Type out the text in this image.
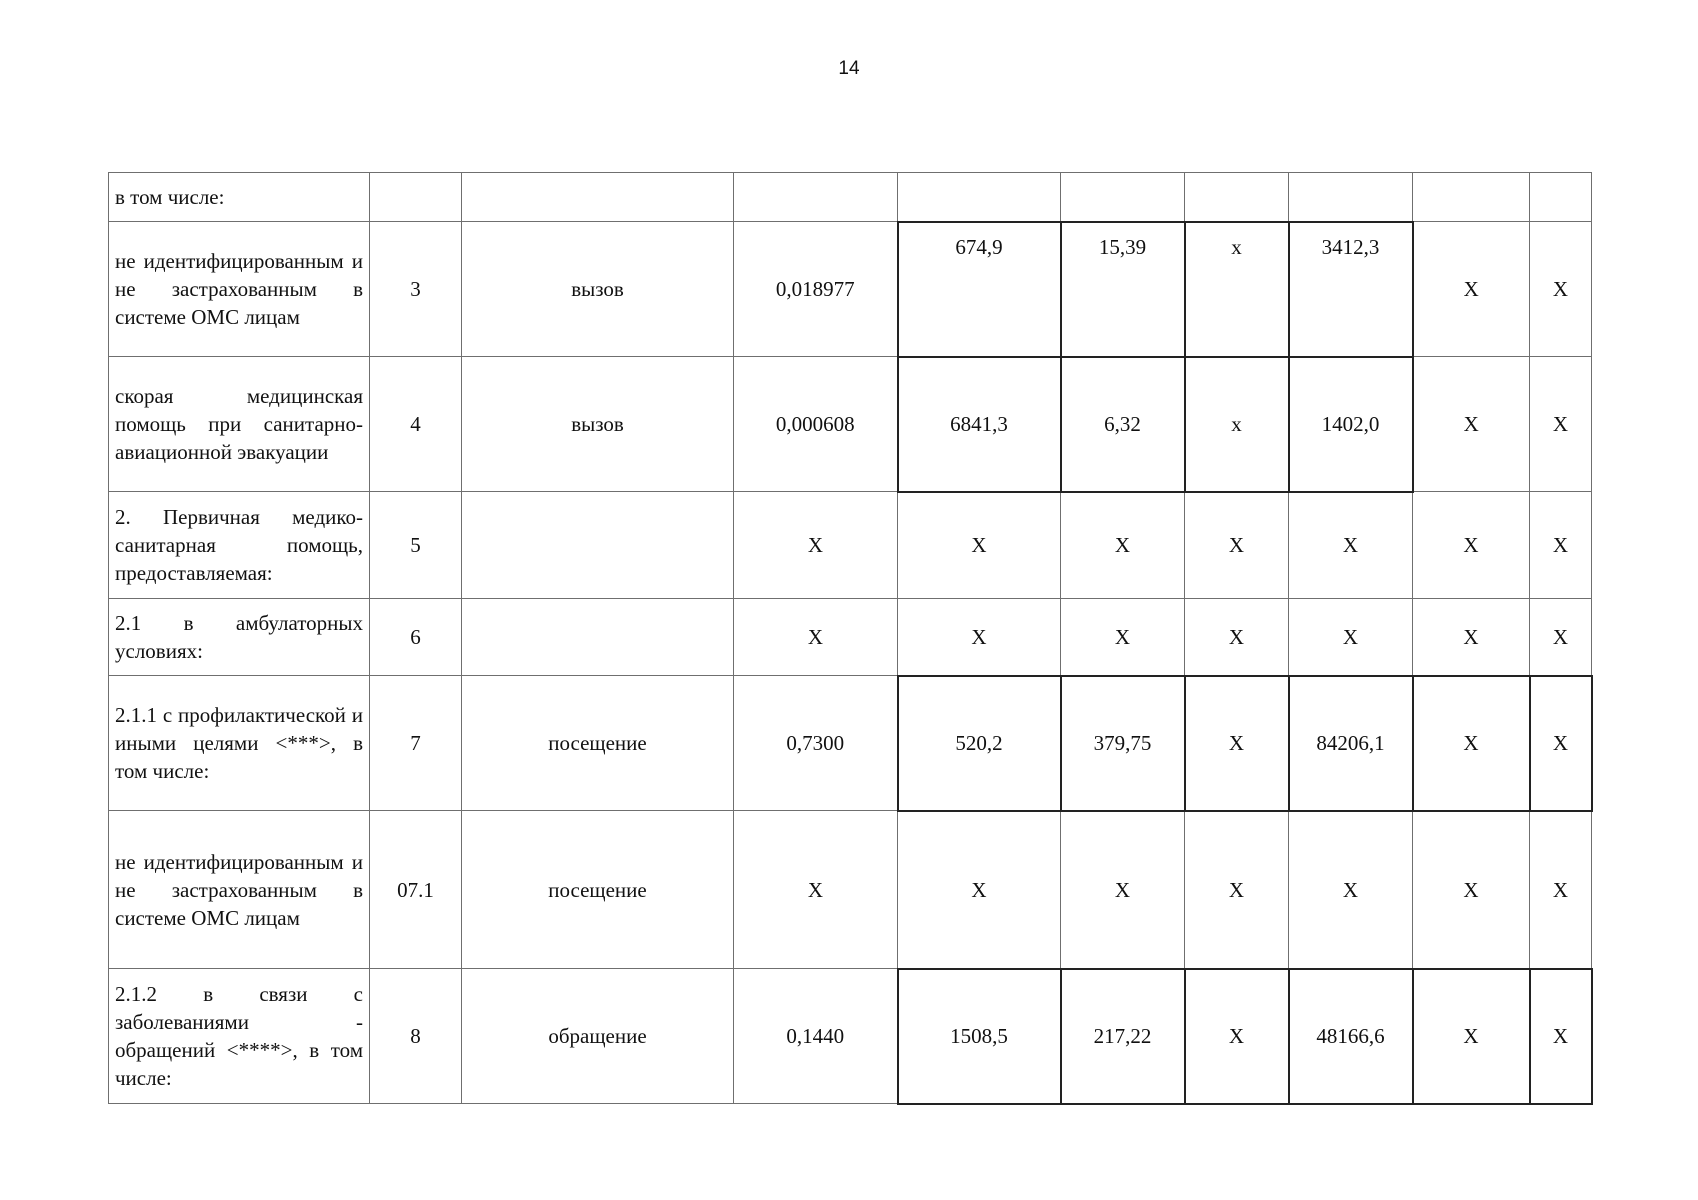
14
в том числе:									
не идентифицированным и не застрахованным в системе ОМС лицам	3	вызов	0,018977	674,9	15,39	x	3412,3	X	X
скорая медицинская помощь при санитарно-авиационной эвакуации	4	вызов	0,000608	6841,3	6,32	x	1402,0	X	X
2. Первичная медико-санитарная помощь, предоставляемая:	5		X	X	X	X	X	X	X
2.1 в амбулаторных условиях:	6		X	X	X	X	X	X	X
2.1.1 с профилактической и иными целями <***>, в том числе:	7	посещение	0,7300	520,2	379,75	X	84206,1	X	X
не идентифицированным и не застрахованным в системе ОМС лицам	07.1	посещение	X	X	X	X	X	X	X
2.1.2 в связи с заболеваниями - обращений <****>, в том числе:	8	обращение	0,1440	1508,5	217,22	X	48166,6	X	X
